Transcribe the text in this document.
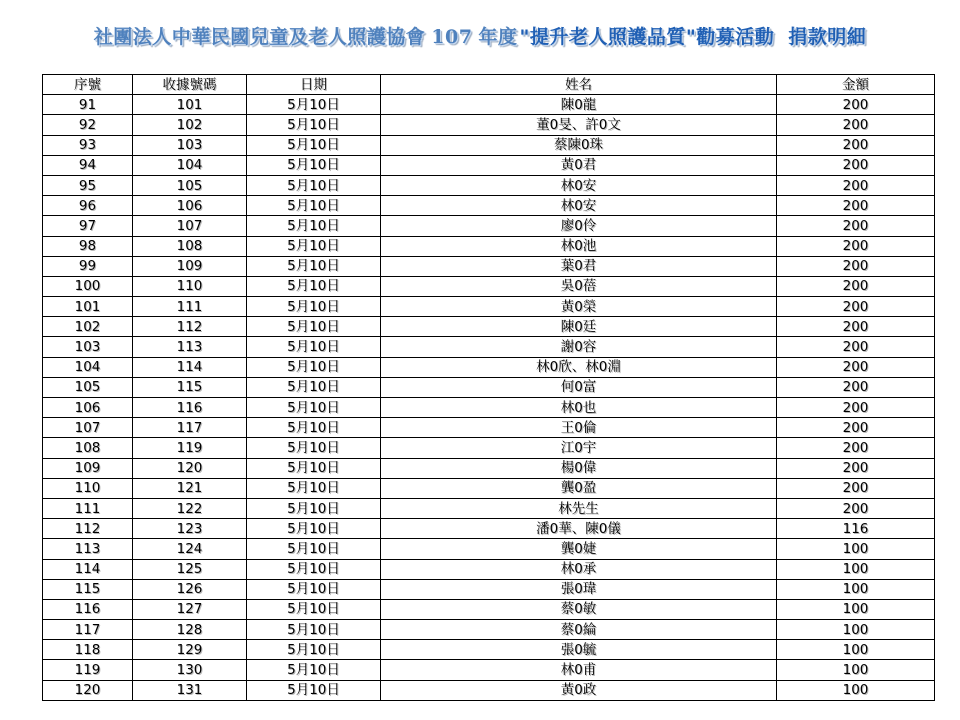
社團法人中華民國兒童及老人照護協會 107 年度 "提升老人照護品質"勸募活動 捐款明細
序號	收據號碼	日期	姓名	金額
91	101	5月10日	陳0龍	200
92	102	5月10日	董0旻、許0文	200
93	103	5月10日	蔡陳0珠	200
94	104	5月10日	黃0君	200
95	105	5月10日	林0安	200
96	106	5月10日	林0安	200
97	107	5月10日	廖0伶	200
98	108	5月10日	林0池	200
99	109	5月10日	葉0君	200
100	110	5月10日	吳0蓓	200
101	111	5月10日	黃0榮	200
102	112	5月10日	陳0廷	200
103	113	5月10日	謝0容	200
104	114	5月10日	林0欣、林0淵	200
105	115	5月10日	何0富	200
106	116	5月10日	林0也	200
107	117	5月10日	王0倫	200
108	119	5月10日	江0宇	200
109	120	5月10日	楊0偉	200
110	121	5月10日	龔0盈	200
111	122	5月10日	林先生	200
112	123	5月10日	潘0華、陳0儀	116
113	124	5月10日	龔0婕	100
114	125	5月10日	林0承	100
115	126	5月10日	張0瑋	100
116	127	5月10日	蔡0敏	100
117	128	5月10日	蔡0綸	100
118	129	5月10日	張0毓	100
119	130	5月10日	林0甫	100
120	131	5月10日	黃0政	100
